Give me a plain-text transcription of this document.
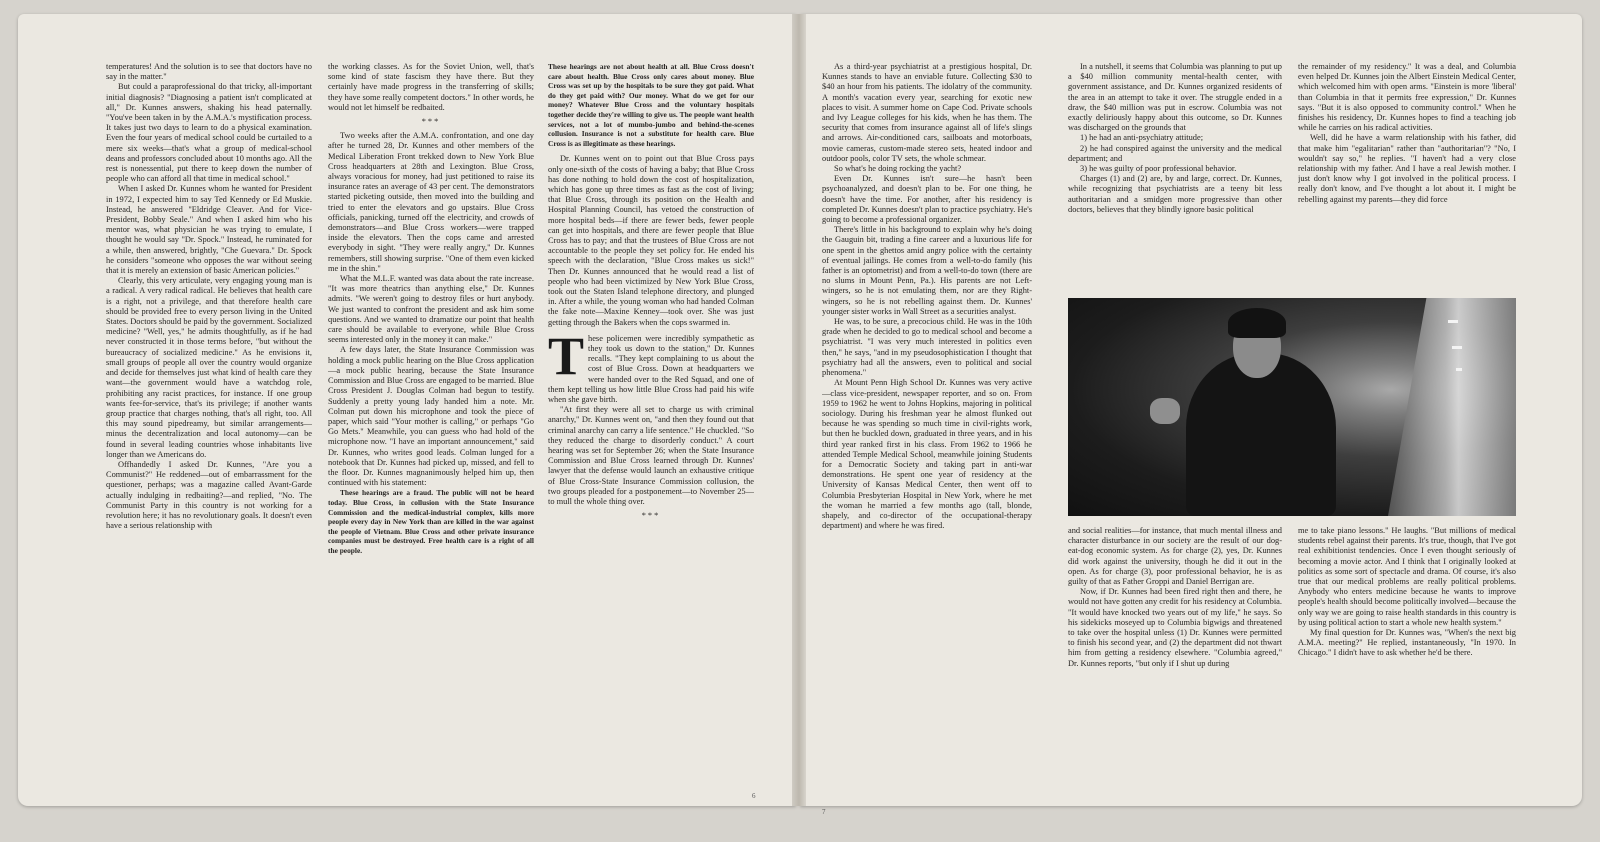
temperatures! And the solution is to see that doctors have no say in the matter."

But could a paraprofessional do that tricky, all-important initial diagnosis? "Diagnosing a patient isn't complicated at all," Dr. Kunnes answers, shaking his head paternally. "You've been taken in by the A.M.A.'s mystification process. It takes just two days to learn to do a physical examination. Even the four years of medical school could be curtailed to a mere six weeks—that's what a group of medical-school deans and professors concluded about 10 months ago. All the rest is nonessential, put there to keep down the number of people who can afford all that time in medical school."

When I asked Dr. Kunnes whom he wanted for President in 1972, I expected him to say Ted Kennedy or Ed Muskie. Instead, he answered "Eldridge Cleaver. And for Vice-President, Bobby Seale." And when I asked him who his mentor was, what physician he was trying to emulate, I thought he would say "Dr. Spock." Instead, he ruminated for a while, then answered, brightly, "Che Guevara." Dr. Spock he considers "someone who opposes the war without seeing that it is merely an extension of basic American policies."

Clearly, this very articulate, very engaging young man is a radical. A very radical radical. He believes that health care is a right, not a privilege, and that therefore health care should be provided free to every person living in the United States. Doctors should be paid by the government. Socialized medicine? "Well, yes," he admits thoughtfully, as if he had never constructed it in those terms before, "but without the bureaucracy of socialized medicine." As he envisions it, small groups of people all over the country would organize and decide for themselves just what kind of health care they want—the government would have a watchdog role, prohibiting any racist practices, for instance. If one group wants fee-for-service, that's its privilege; if another wants group practice that charges nothing, that's all right, too. All this may sound pipedreamy, but similar arrangements—minus the decentralization and local autonomy—can be found in several leading countries whose inhabitants live longer than we Americans do.

Offhandedly I asked Dr. Kunnes, "Are you a Communist?" He reddened—out of embarrassment for the questioner, perhaps; was a magazine called Avant-Garde actually indulging in redbaiting?—and replied, "No. The Communist Party in this country is not working for a revolution here; it has no revolutionary goals. It doesn't even have a serious relationship with

the working classes. As for the Soviet Union, well, that's some kind of state fascism they have there. But they certainly have made progress in the transferring of skills; they have some really competent doctors." In other words, he would not let himself be redbaited.

***

Two weeks after the A.M.A. confrontation, and one day after he turned 28, Dr. Kunnes and other members of the Medical Liberation Front trekked down to New York Blue Cross headquarters at 28th and Lexington. Blue Cross, always voracious for money, had just petitioned to raise its insurance rates an average of 43 per cent. The demonstrators started picketing outside, then moved into the building and tried to enter the elevators and go upstairs. Blue Cross officials, panicking, turned off the electricity, and crowds of demonstrators—and Blue Cross workers—were trapped inside the elevators. Then the cops came and arrested everybody in sight. "They were really angry," Dr. Kunnes remembers, still showing surprise. "One of them even kicked me in the shin."

What the M.L.F. wanted was data about the rate increase. "It was more theatrics than anything else," Dr. Kunnes admits. "We weren't going to destroy files or hurt anybody. We just wanted to confront the president and ask him some questions. And we wanted to dramatize our point that health care should be available to everyone, while Blue Cross seems interested only in the money it can make."

A few days later, the State Insurance Commission was holding a mock public hearing on the Blue Cross application—a mock public hearing, because the State Insurance Commission and Blue Cross are engaged to be married. Blue Cross President J. Douglas Colman had begun to testify. Suddenly a pretty young lady handed him a note. Mr. Colman put down his microphone and took the piece of paper, which said "Your mother is calling," or perhaps "Go Go Mets." Meanwhile, you can guess who had hold of the microphone now. "I have an important announcement," said Dr. Kunnes, who writes good leads. Colman lunged for a notebook that Dr. Kunnes had picked up, missed, and fell to the floor. Dr. Kunnes magnanimously helped him up, then continued with his statement:

These hearings are a fraud. The public will not be heard today. Blue Cross, in collusion with the State Insurance Commission and the medical-industrial complex, kills more people every day in New York than are killed in the war against the people of Vietnam. Blue Cross and other private insurance companies must be destroyed. Free health care is a right of all the people.

These hearings are not about health at all. Blue Cross doesn't care about health. Blue Cross only cares about money. Blue Cross was set up by the hospitals to be sure they got paid. What do they get paid with? Our money. What do we get for our money? Whatever Blue Cross and the voluntary hospitals together decide they're willing to give us. The people want health services, not a lot of mumbo-jumbo and behind-the-scenes collusion. Insurance is not a substitute for health care. Blue Cross is as illegitimate as these hearings.

Dr. Kunnes went on to point out that Blue Cross pays only one-sixth of the costs of having a baby; that Blue Cross has done nothing to hold down the cost of hospitalization, which has gone up three times as fast as the cost of living; that Blue Cross, through its position on the Health and Hospital Planning Council, has vetoed the construction of more hospital beds—if there are fewer beds, fewer people can get into hospitals, and there are fewer people that Blue Cross has to pay; and that the trustees of Blue Cross are not accountable to the people they set policy for. He ended his speech with the declaration, "Blue Cross makes us sick!" Then Dr. Kunnes announced that he would read a list of people who had been victimized by New York Blue Cross, took out the Staten Island telephone directory, and plunged in. After a while, the young woman who had handed Colman the fake note—Maxine Kenney—took over. She was just getting through the Bakers when the cops swarmed in.

These policemen were incredibly sympathetic as they took us down to the station," Dr. Kunnes recalls. "They kept complaining to us about the cost of Blue Cross. Down at headquarters we were handed over to the Red Squad, and one of them kept telling us how little Blue Cross had paid his wife when she gave birth.

"At first they were all set to charge us with criminal anarchy," Dr. Kunnes went on, "and then they found out that criminal anarchy can carry a life sentence." He chuckled. "So they reduced the charge to disorderly conduct." A court hearing was set for September 26; when the State Insurance Commission and Blue Cross learned through Dr. Kunnes' lawyer that the defense would launch an exhaustive critique of Blue Cross-State Insurance Commission collusion, the two groups pleaded for a postponement—to November 25—to mull the whole thing over.

***

6

As a third-year psychiatrist at a prestigious hospital, Dr. Kunnes stands to have an enviable future. Collecting $30 to $40 an hour from his patients. The idolatry of the community. A month's vacation every year, searching for exotic new places to visit. A summer home on Cape Cod. Private schools and Ivy League colleges for his kids, when he has them. The security that comes from insurance against all of life's slings and arrows. Air-conditioned cars, sailboats and motorboats, movie cameras, custom-made stereo sets, heated indoor and outdoor pools, color TV sets, the whole schmear.

So what's he doing rocking the yacht?

Even Dr. Kunnes isn't sure—he hasn't been psychoanalyzed, and doesn't plan to be. For one thing, he doesn't have the time. For another, after his residency is completed Dr. Kunnes doesn't plan to practice psychiatry. He's going to become a professional organizer.

There's little in his background to explain why he's doing the Gauguin bit, trading a fine career and a luxurious life for one spent in the ghettos amid angry police with the certainty of eventual jailings. He comes from a well-to-do family (his father is an optometrist) and from a well-to-do town (there are no slums in Mount Penn, Pa.). His parents are not Left-wingers, so he is not emulating them, nor are they Right-wingers, so he is not rebelling against them. Dr. Kunnes' younger sister works in Wall Street as a securities analyst.

He was, to be sure, a precocious child. He was in the 10th grade when he decided to go to medical school and become a psychiatrist. "I was very much interested in politics even then," he says, "and in my pseudosophistication I thought that psychiatry had all the answers, even to political and social phenomena."

At Mount Penn High School Dr. Kunnes was very active—class vice-president, newspaper reporter, and so on. From 1959 to 1962 he went to Johns Hopkins, majoring in political sociology. During his freshman year he almost flunked out because he was spending so much time in civil-rights work, but then he buckled down, graduated in three years, and in his third year ranked first in his class. From 1962 to 1966 he attended Temple Medical School, meanwhile joining Students for a Democratic Society and taking part in anti-war demonstrations. He spent one year of residency at the University of Kansas Medical Center, then went off to Columbia Presbyterian Hospital in New York, where he met the woman he married a few months ago (tall, blonde, shapely, and co-director of the occupational-therapy department) and where he was fired.

In a nutshell, it seems that Columbia was planning to put up a $40 million community mental-health center, with government assistance, and Dr. Kunnes organized residents of the area in an attempt to take it over. The struggle ended in a draw, the $40 million was put in escrow. Columbia was not exactly deliriously happy about this outcome, so Dr. Kunnes was discharged on the grounds that

1) he had an anti-psychiatry attitude;

2) he had conspired against the university and the medical department; and

3) he was guilty of poor professional behavior.

Charges (1) and (2) are, by and large, correct. Dr. Kunnes, while recognizing that psychiatrists are a teeny bit less authoritarian and a smidgen more progressive than other doctors, believes that they blindly ignore basic political

the remainder of my residency." It was a deal, and Columbia even helped Dr. Kunnes join the Albert Einstein Medical Center, which welcomed him with open arms. "Einstein is more 'liberal' than Columbia in that it permits free expression," Dr. Kunnes says. "But it is also opposed to community control." When he finishes his residency, Dr. Kunnes hopes to find a teaching job while he carries on his radical activities.

Well, did he have a warm relationship with his father, did that make him "egalitarian" rather than "authoritarian"? "No, I wouldn't say so," he replies. "I haven't had a very close relationship with my father. And I have a real Jewish mother. I just don't know why I got involved in the political process. I really don't know, and I've thought a lot about it. I might be rebelling against my parents—they did force

and social realities—for instance, that much mental illness and character disturbance in our society are the result of our dog-eat-dog economic system. As for charge (2), yes, Dr. Kunnes did work against the university, though he did it out in the open. As for charge (3), poor professional behavior, he is as guilty of that as Father Groppi and Daniel Berrigan are.

Now, if Dr. Kunnes had been fired right then and there, he would not have gotten any credit for his residency at Columbia. "It would have knocked two years out of my life," he says. So his sidekicks moseyed up to Columbia bigwigs and threatened to take over the hospital unless (1) Dr. Kunnes were permitted to finish his second year, and (2) the department did not thwart him from getting a residency elsewhere. "Columbia agreed," Dr. Kunnes reports, "but only if I shut up during

me to take piano lessons." He laughs. "But millions of medical students rebel against their parents. It's true, though, that I've got real exhibitionist tendencies. Once I even thought seriously of becoming a movie actor. And I think that I originally looked at politics as some sort of spectacle and drama. Of course, it's also true that our medical problems are really political problems. Anybody who enters medicine because he wants to improve people's health should become politically involved—because the only way we are going to raise health standards in this country is by using political action to start a whole new health system."

My final question for Dr. Kunnes was, "When's the next big A.M.A. meeting?" He replied, instantaneously, "In 1970. In Chicago." I didn't have to ask whether he'd be there.

7
